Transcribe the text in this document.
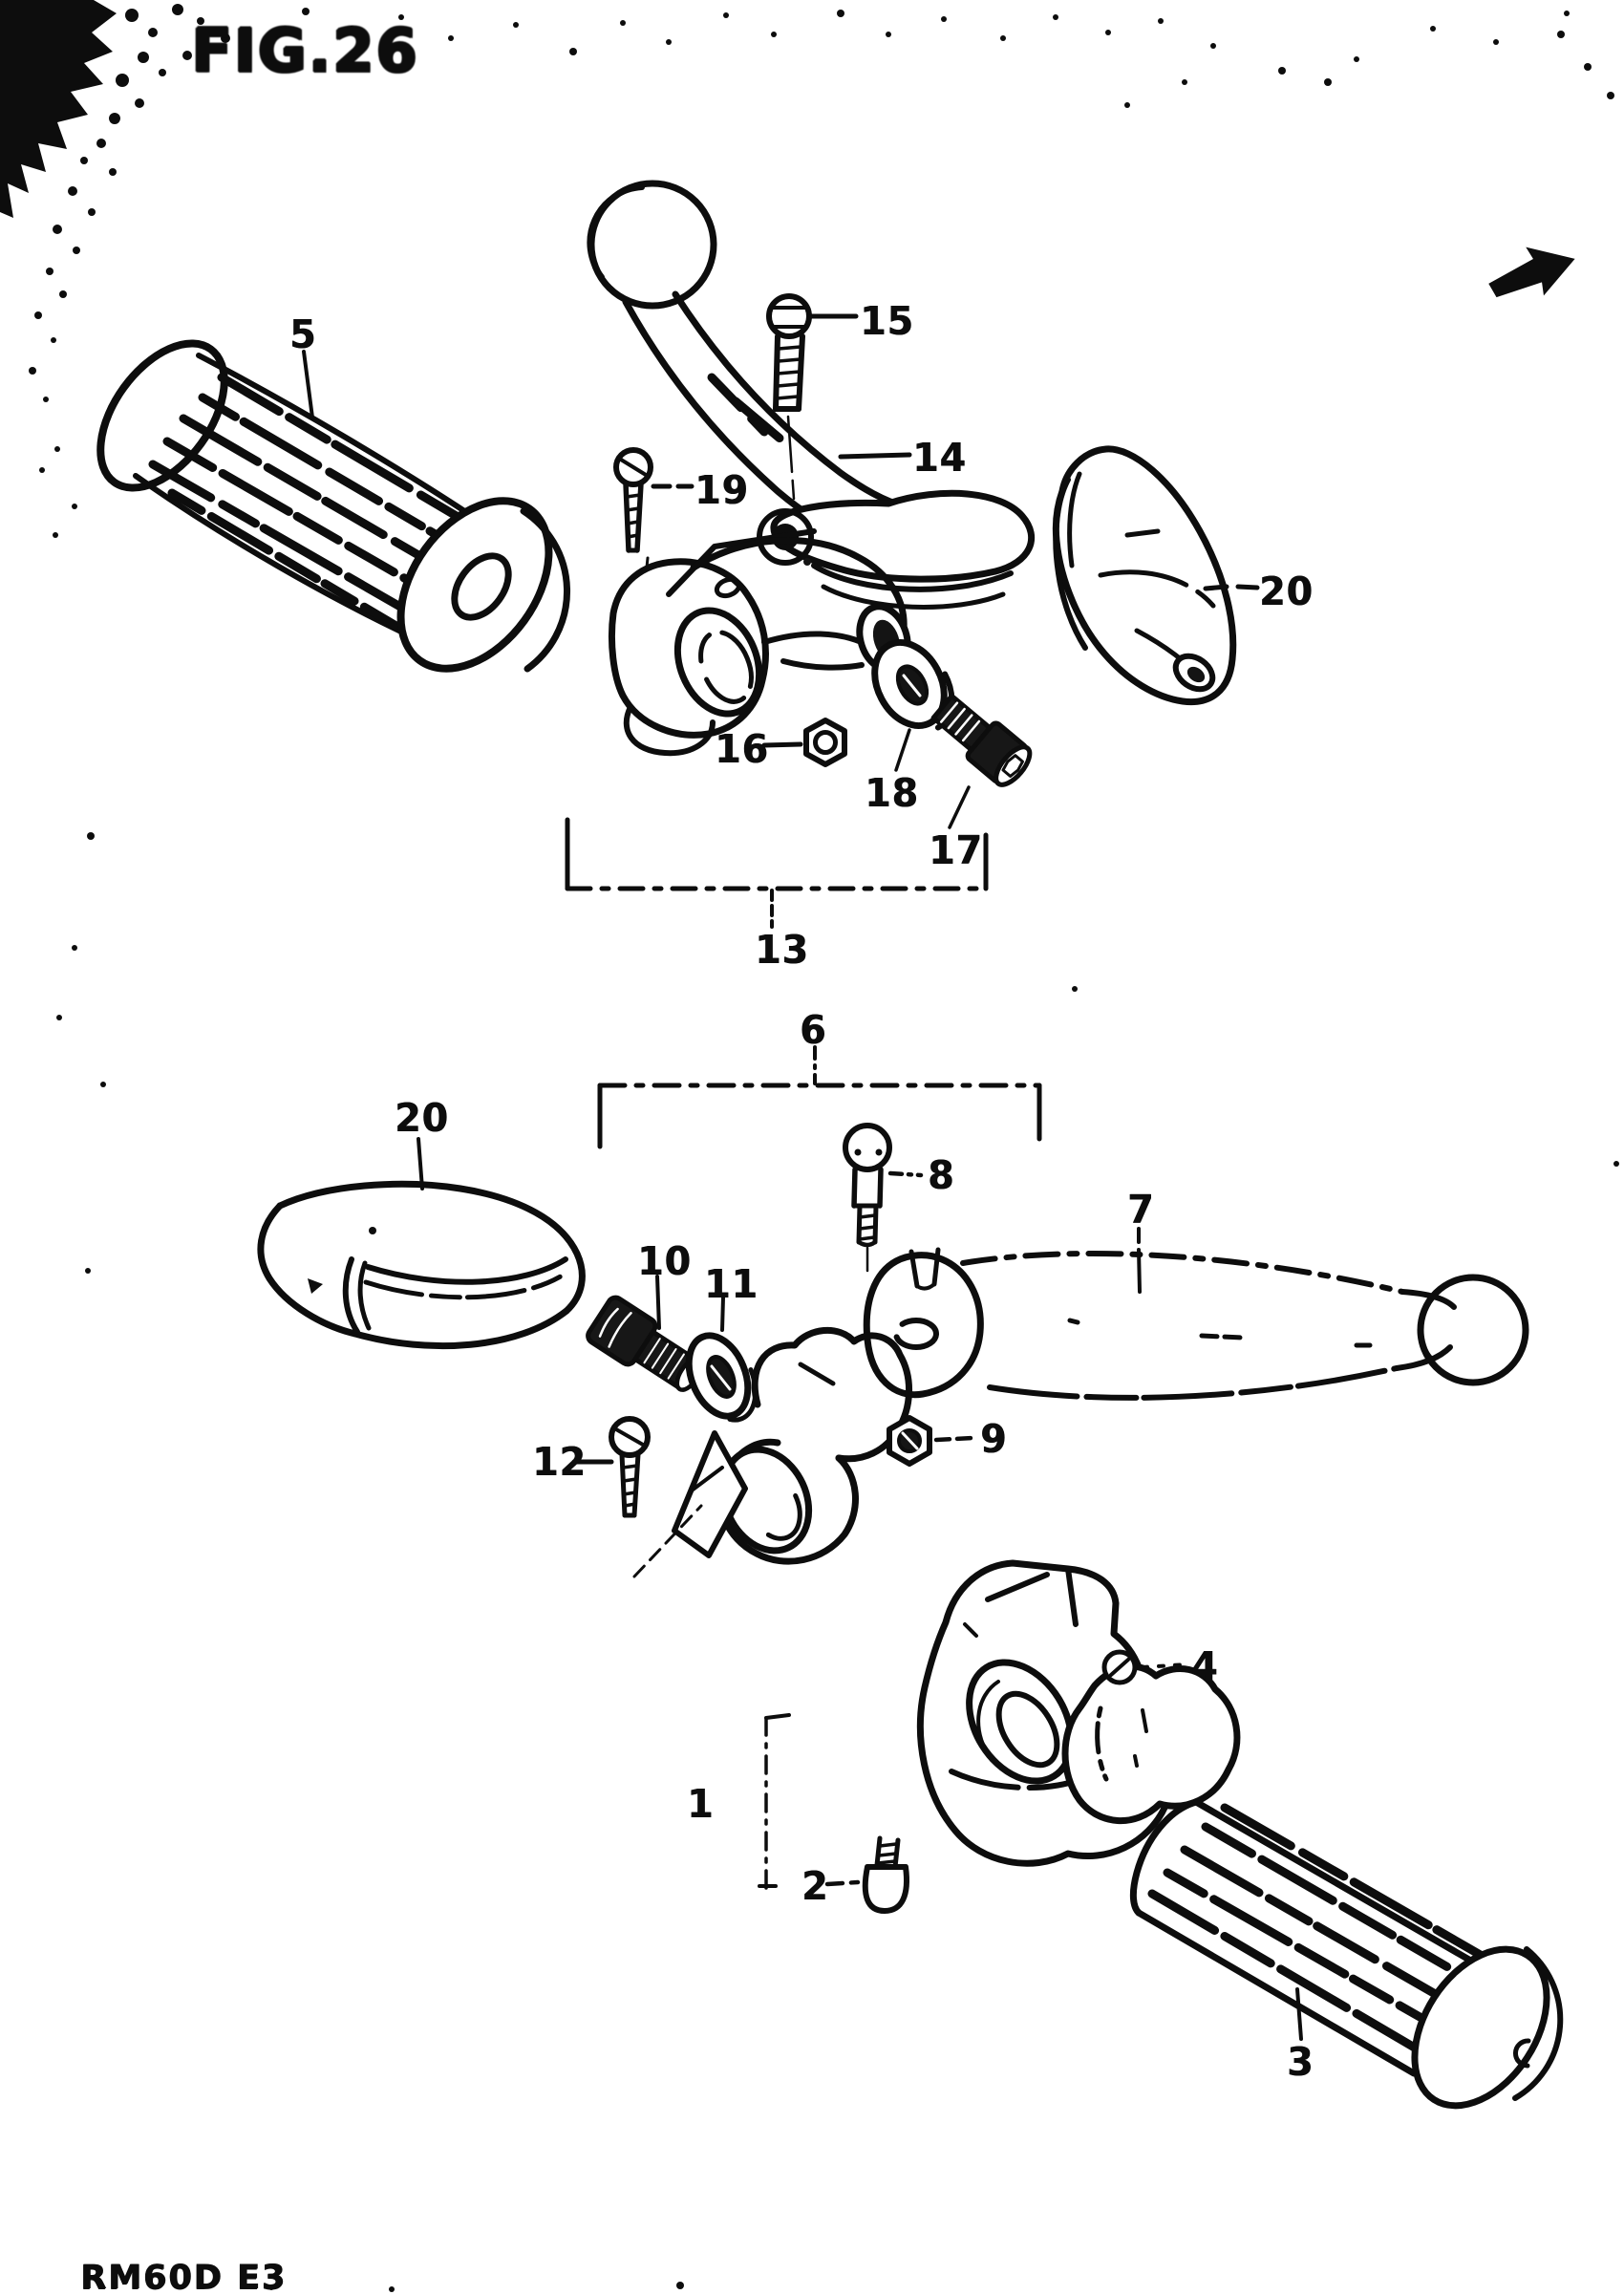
FIG.26
5	15
14
19
20
16
18
17
13
6
20
8
7
10 11
12	9
1
2
4
3
RM60D E3
